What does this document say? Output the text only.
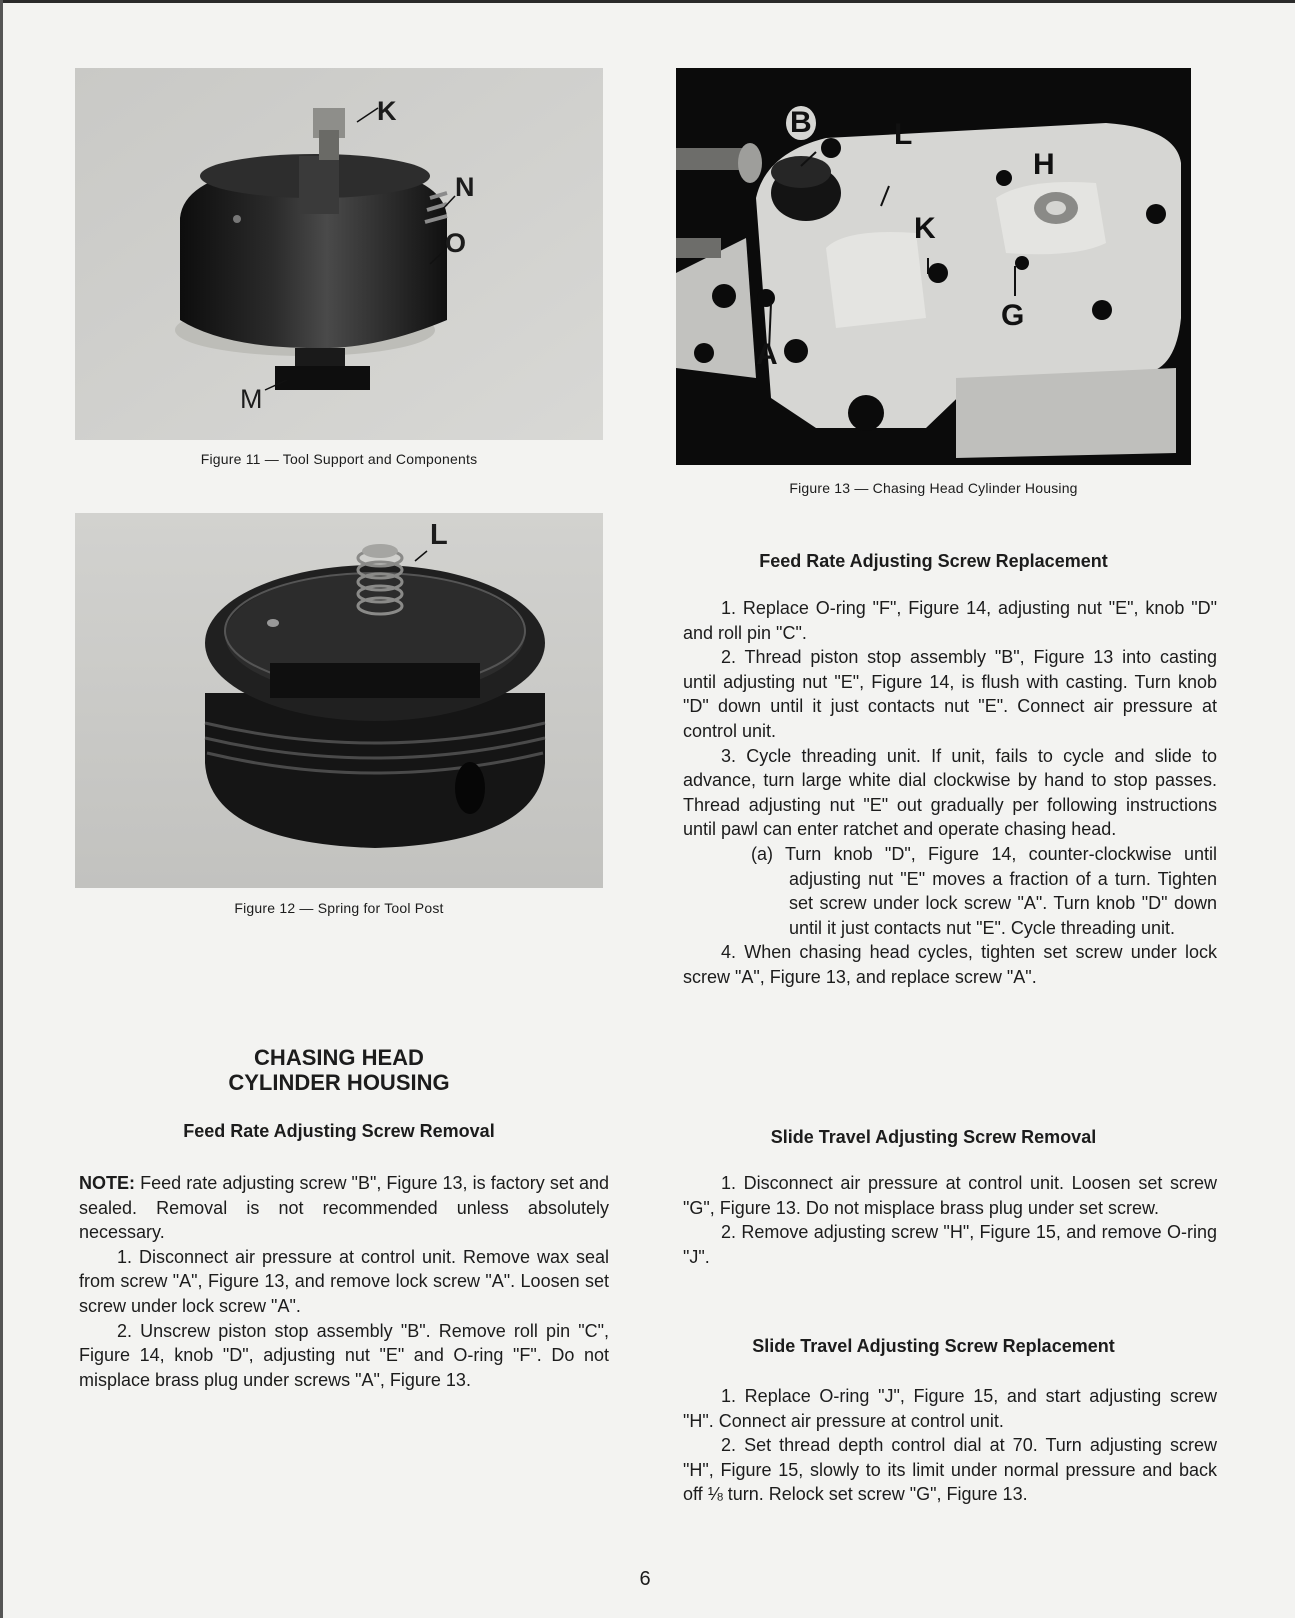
K
N
O
M
Figure 11 — Tool Support and Components
L
Figure 12 — Spring for Tool Post
B	L
H
K
G
A
Figure 13 — Chasing Head Cylinder Housing
CHASING HEAD
CYLINDER HOUSING
Feed Rate Adjusting Screw Removal

NOTE: Feed rate adjusting screw "B", Figure 13, is factory set and sealed. Removal is not recommended unless absolutely necessary.

1. Disconnect air pressure at control unit. Remove wax seal from screw "A", Figure 13, and remove lock screw "A". Loosen set screw under lock screw "A".

2. Unscrew piston stop assembly "B". Remove roll pin "C", Figure 14, knob "D", adjusting nut "E" and O-ring "F". Do not misplace brass plug under screws "A", Figure 13.

Feed Rate Adjusting Screw Replacement

1. Replace O-ring "F", Figure 14, adjusting nut "E", knob "D" and roll pin "C".

2. Thread piston stop assembly "B", Figure 13 into casting until adjusting nut "E", Figure 14, is flush with casting. Turn knob "D" down until it just contacts nut "E". Connect air pressure at control unit.

3. Cycle threading unit. If unit, fails to cycle and slide to advance, turn large white dial clockwise by hand to stop passes. Thread adjusting nut "E" out gradually per following instructions until pawl can enter ratchet and operate chasing head.

(a) Turn knob "D", Figure 14, counter-clockwise until adjusting nut "E" moves a fraction of a turn. Tighten set screw under lock screw "A". Turn knob "D" down until it just contacts nut "E". Cycle threading unit.

4. When chasing head cycles, tighten set screw under lock screw "A", Figure 13, and replace screw "A".

Slide Travel Adjusting Screw Removal

1. Disconnect air pressure at control unit. Loosen set screw "G", Figure 13. Do not misplace brass plug under set screw.

2. Remove adjusting screw "H", Figure 15, and remove O-ring "J".

Slide Travel Adjusting Screw Replacement

1. Replace O-ring "J", Figure 15, and start adjusting screw "H". Connect air pressure at control unit.

2. Set thread depth control dial at 70. Turn adjusting screw "H", Figure 15, slowly to its limit under normal pressure and back off ⅛ turn. Relock set screw "G", Figure 13.

6
